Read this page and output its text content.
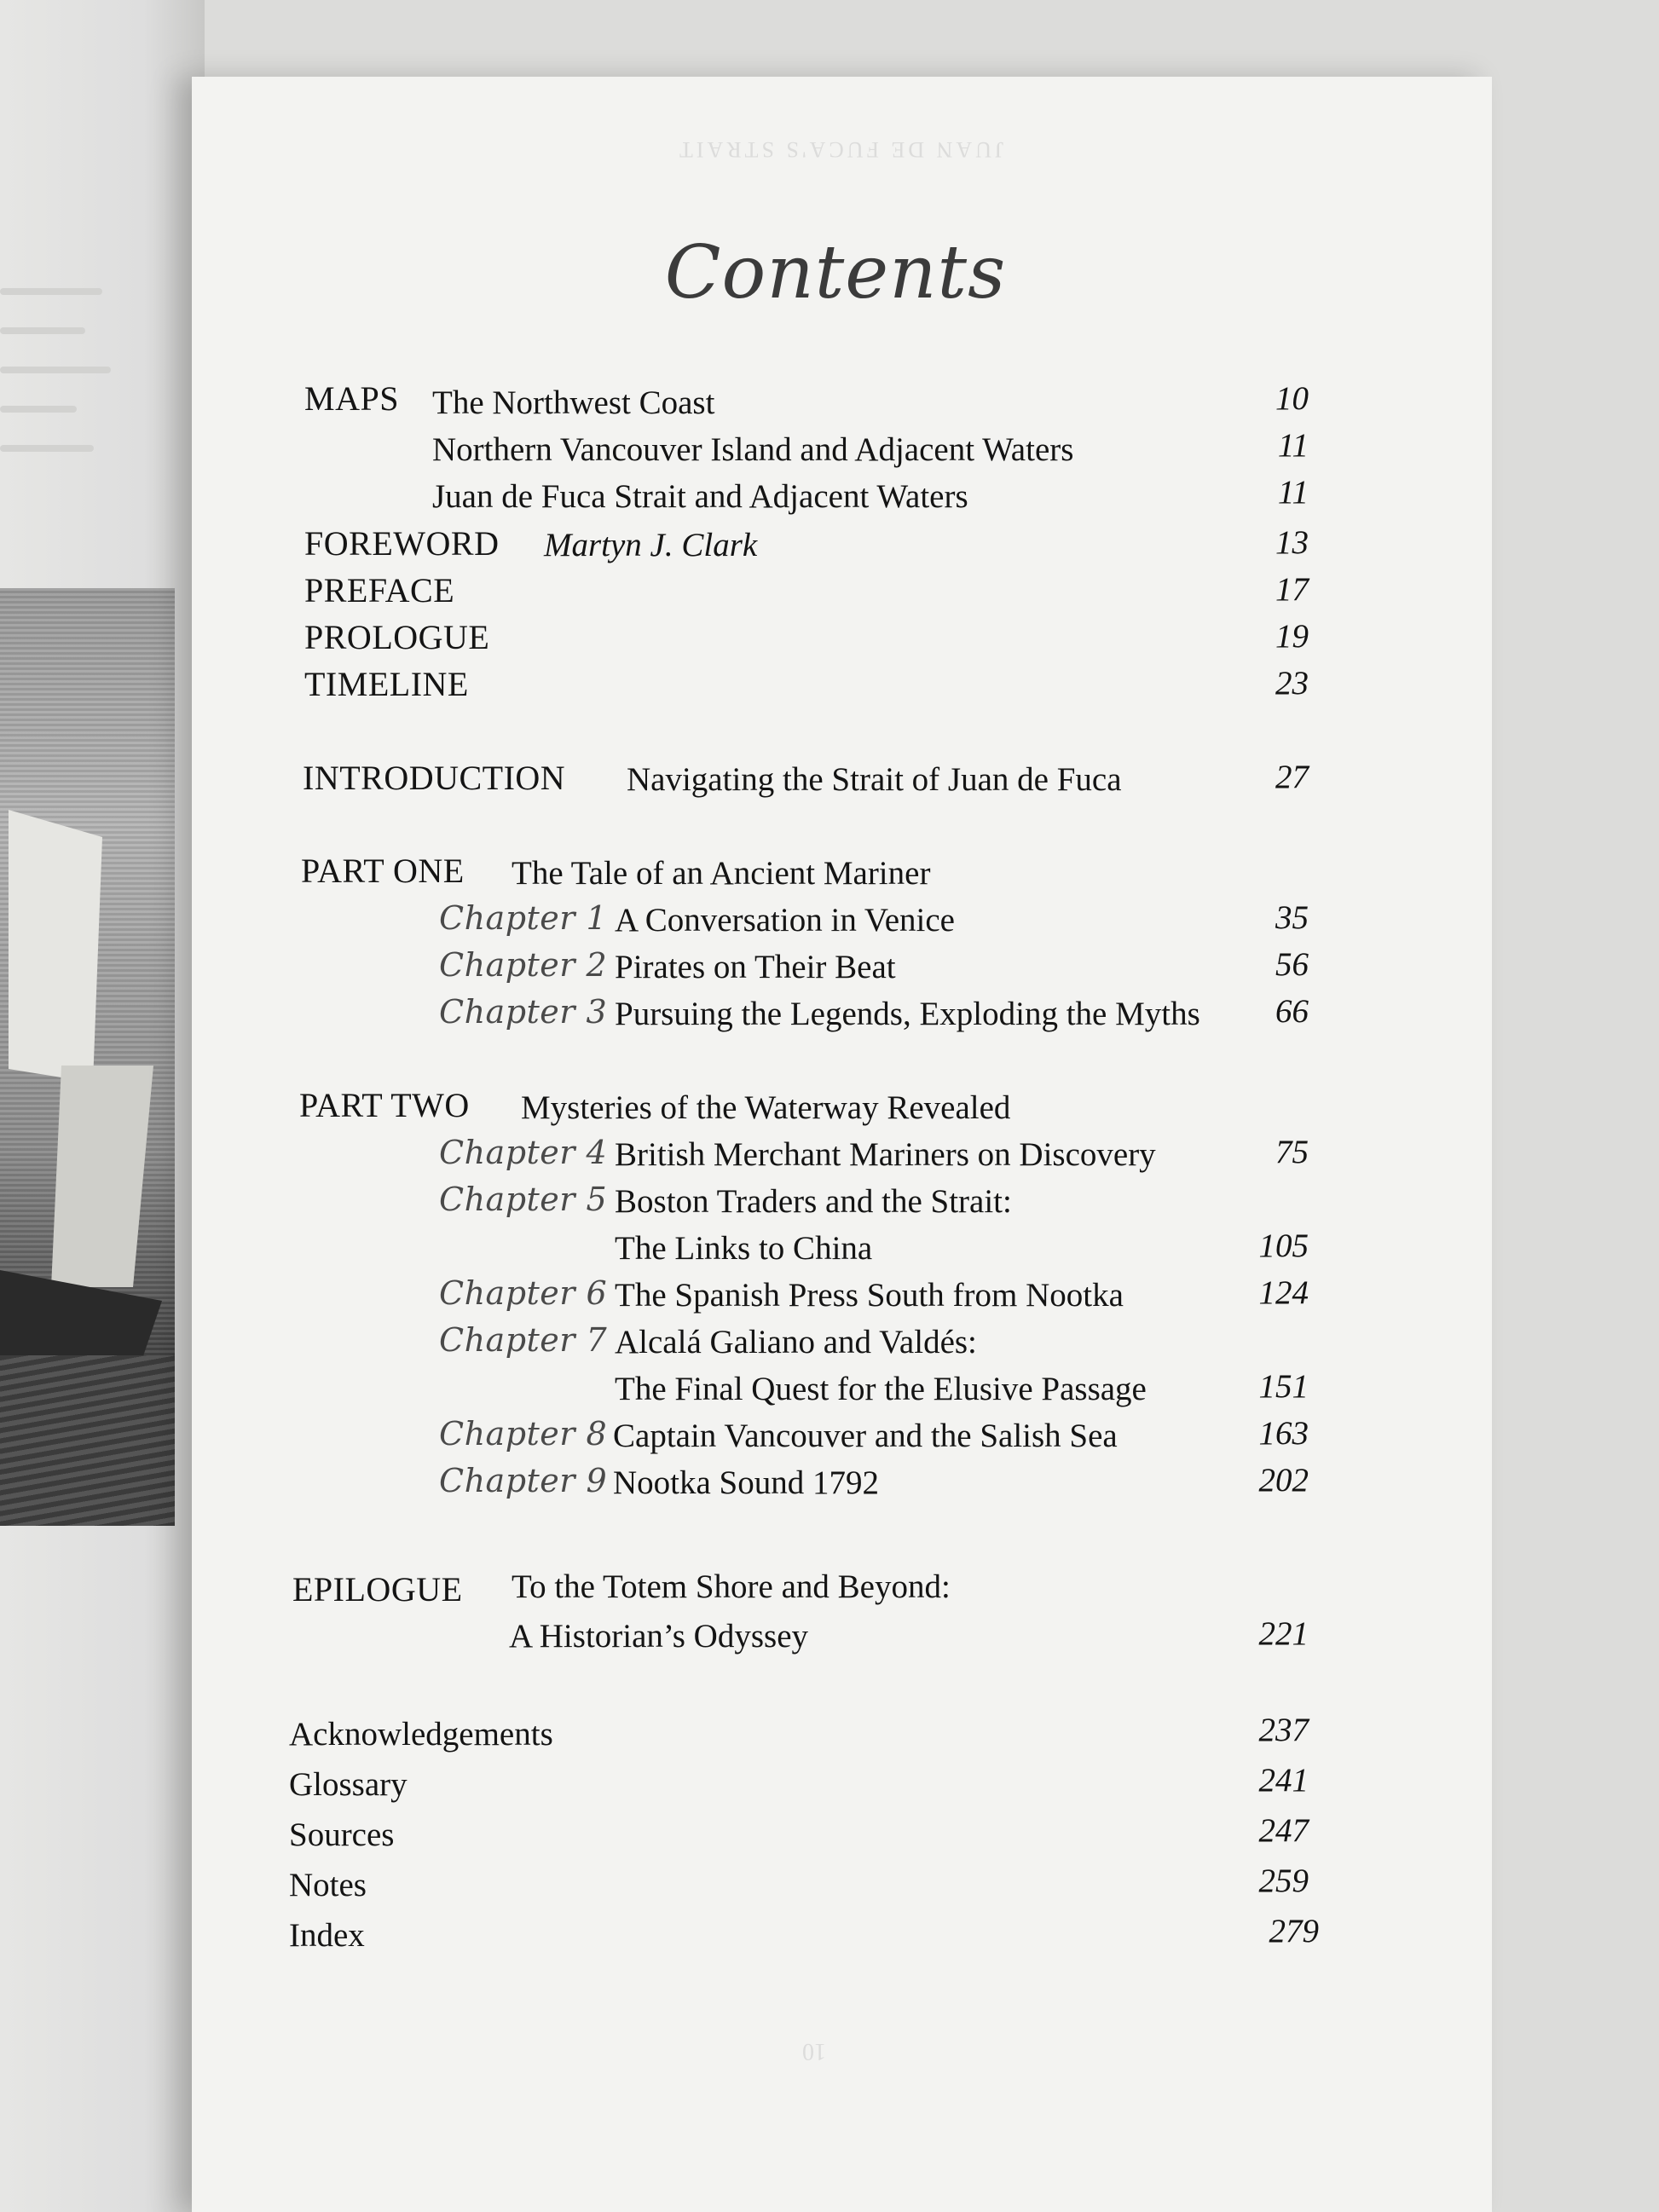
JUAN DE FUCA'S STRAIT
Contents
MAPS The Northwest Coast	10
Northern Vancouver Island and Adjacent Waters	11
Juan de Fuca Strait and Adjacent Waters	11
FOREWORD Martyn J. Clark	13
PREFACE	17
PROLOGUE	19
TIMELINE	23
INTRODUCTION Navigating the Strait of Juan de Fuca	27
PART ONE The Tale of an Ancient Mariner
Chapter 1 A Conversation in Venice	35
Chapter 2 Pirates on Their Beat	56
Chapter 3 Pursuing the Legends, Exploding the Myths	66
PART TWO Mysteries of the Waterway Revealed
Chapter 4 British Merchant Mariners on Discovery	75
Chapter 5 Boston Traders and the Strait:
The Links to China	105
Chapter 6 The Spanish Press South from Nootka	124
Chapter 7 Alcalá Galiano and Valdés:
The Final Quest for the Elusive Passage	151
Chapter 8 Captain Vancouver and the Salish Sea	163
Chapter 9 Nootka Sound 1792	202
EPILOGUE To the Totem Shore and Beyond:
A Historian’s Odyssey	221
Acknowledgements	237
Glossary	241
Sources	247
Notes	259
Index	279
10
